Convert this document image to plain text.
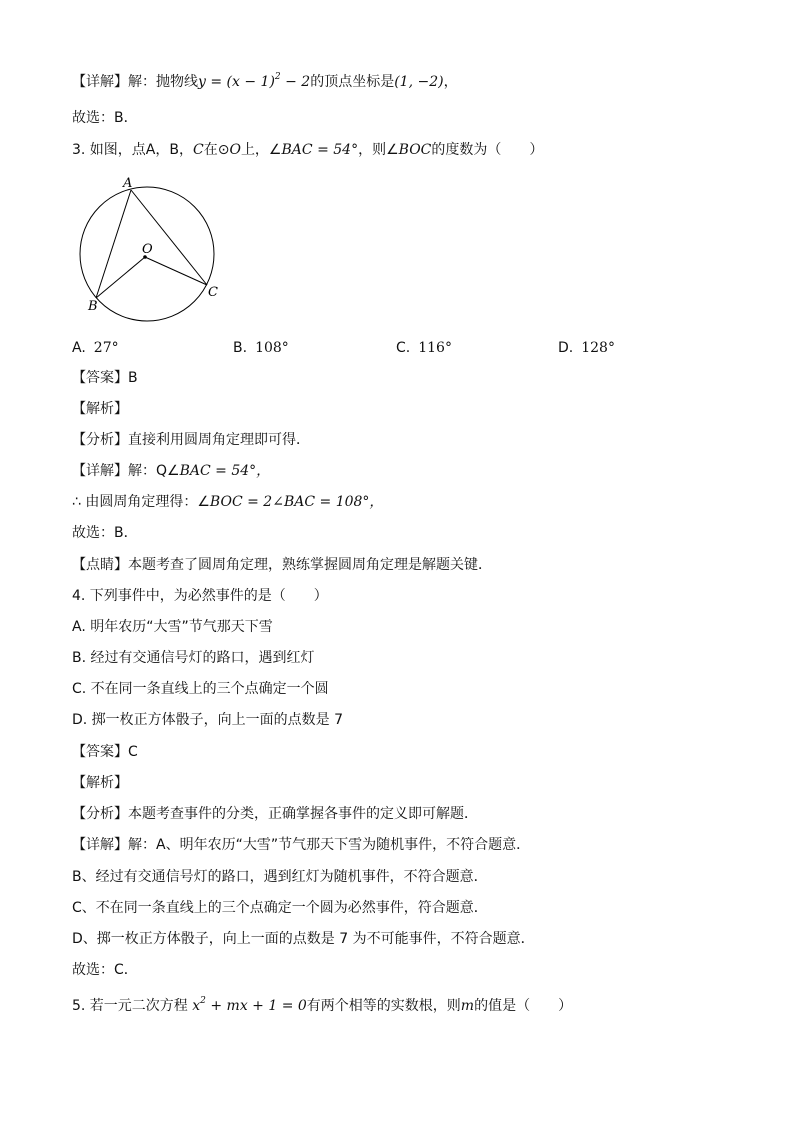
【详解】解：抛物线$y = (x - 1)^2 - 2$的顶点坐标是(1, −2)，
故选：B．
3. 如图，点A，B，C在⊙O上，∠BAC = 54°，则∠BOC的度数为（　　）
A
O
B
C
A. 27°	B. 108°	C. 116°	D. 128°
【答案】B
【解析】
【分析】直接利用圆周角定理即可得．
【详解】解：Q∠BAC = 54°，
∴ 由圆周角定理得：∠BOC = 2∠BAC = 108°，
故选：B．
【点睛】本题考查了圆周角定理，熟练掌握圆周角定理是解题关键．
4. 下列事件中，为必然事件的是（　　）
A. 明年农历“大雪”节气那天下雪
B. 经过有交通信号灯的路口，遇到红灯
C. 不在同一条直线上的三个点确定一个圆
D. 掷一枚正方体骰子，向上一面的点数是 7
【答案】C
【解析】
【分析】本题考查事件的分类，正确掌握各事件的定义即可解题．
【详解】解：A、明年农历“大雪”节气那天下雪为随机事件，不符合题意．
B、经过有交通信号灯的路口，遇到红灯为随机事件，不符合题意．
C、不在同一条直线上的三个点确定一个圆为必然事件，符合题意．
D、掷一枚正方体骰子，向上一面的点数是 7 为不可能事件，不符合题意．
故选：C．
5. 若一元二次方程 $x^2$ + mx + 1 = 0有两个相等的实数根，则m的值是（　　）
